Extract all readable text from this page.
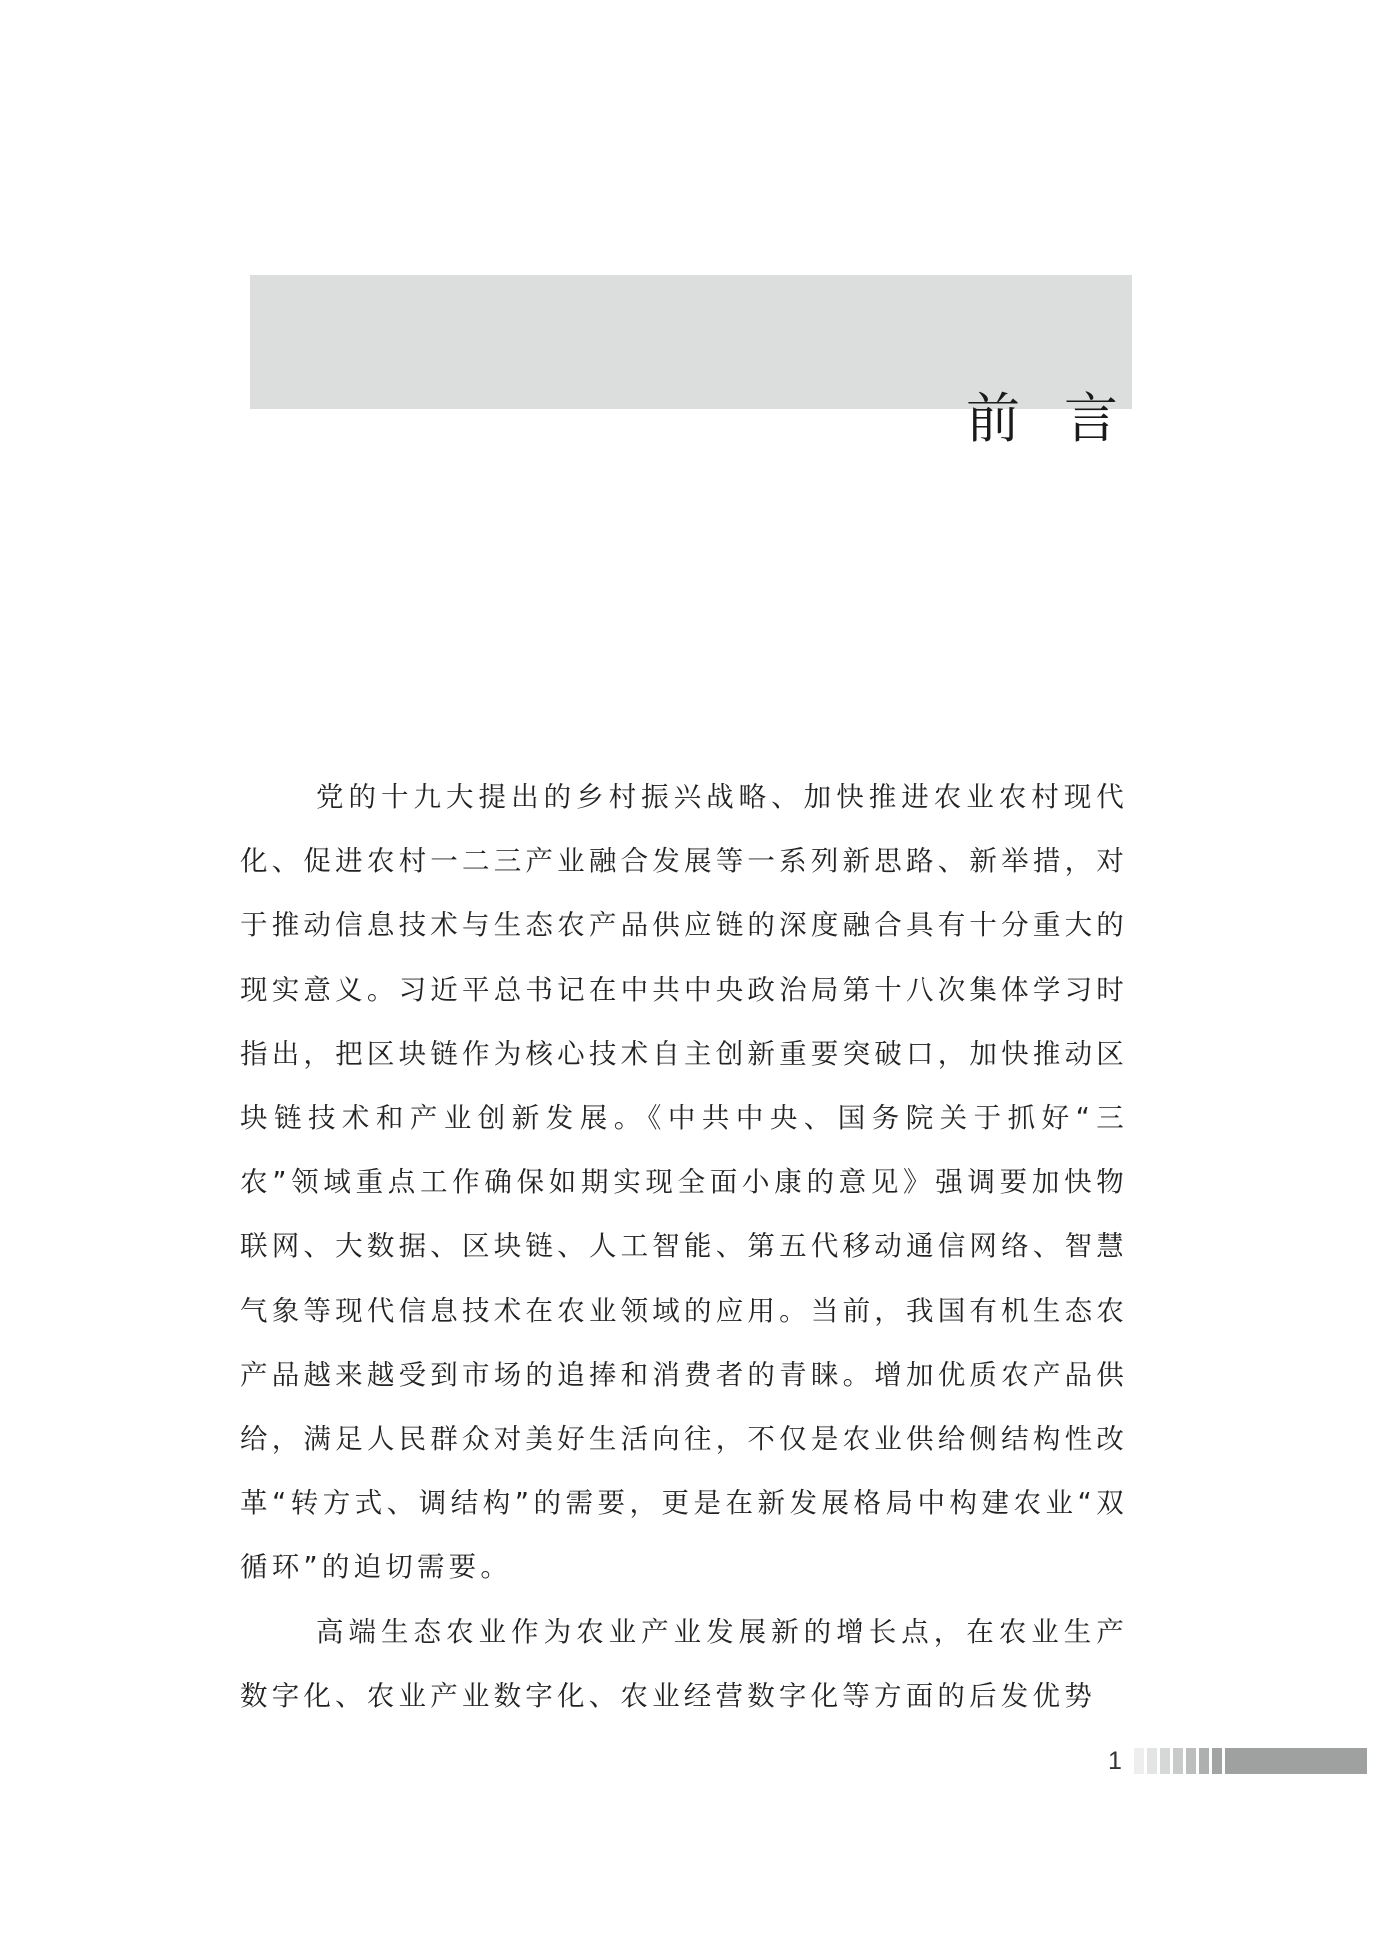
前言

党的十九大提出的乡村振兴战略、加快推进农业农村现代化、促进农村一二三产业融合发展等一系列新思路、新举措，对于推动信息技术与生态农产品供应链的深度融合具有十分重大的现实意义。习近平总书记在中共中央政治局第十八次集体学习时指出，把区块链作为核心技术自主创新重要突破口，加快推动区块链技术和产业创新发展。《中共中央、国务院关于抓好“三农”领域重点工作确保如期实现全面小康的意见》强调要加快物联网、大数据、区块链、人工智能、第五代移动通信网络、智慧气象等现代信息技术在农业领域的应用。当前，我国有机生态农产品越来越受到市场的追捧和消费者的青睐。增加优质农产品供给，满足人民群众对美好生活向往，不仅是农业供给侧结构性改革“转方式、调结构”的需要，更是在新发展格局中构建农业“双循环”的迫切需要。

高端生态农业作为农业产业发展新的增长点，在农业生产数字化、农业产业数字化、农业经营数字化等方面的后发优势

1
